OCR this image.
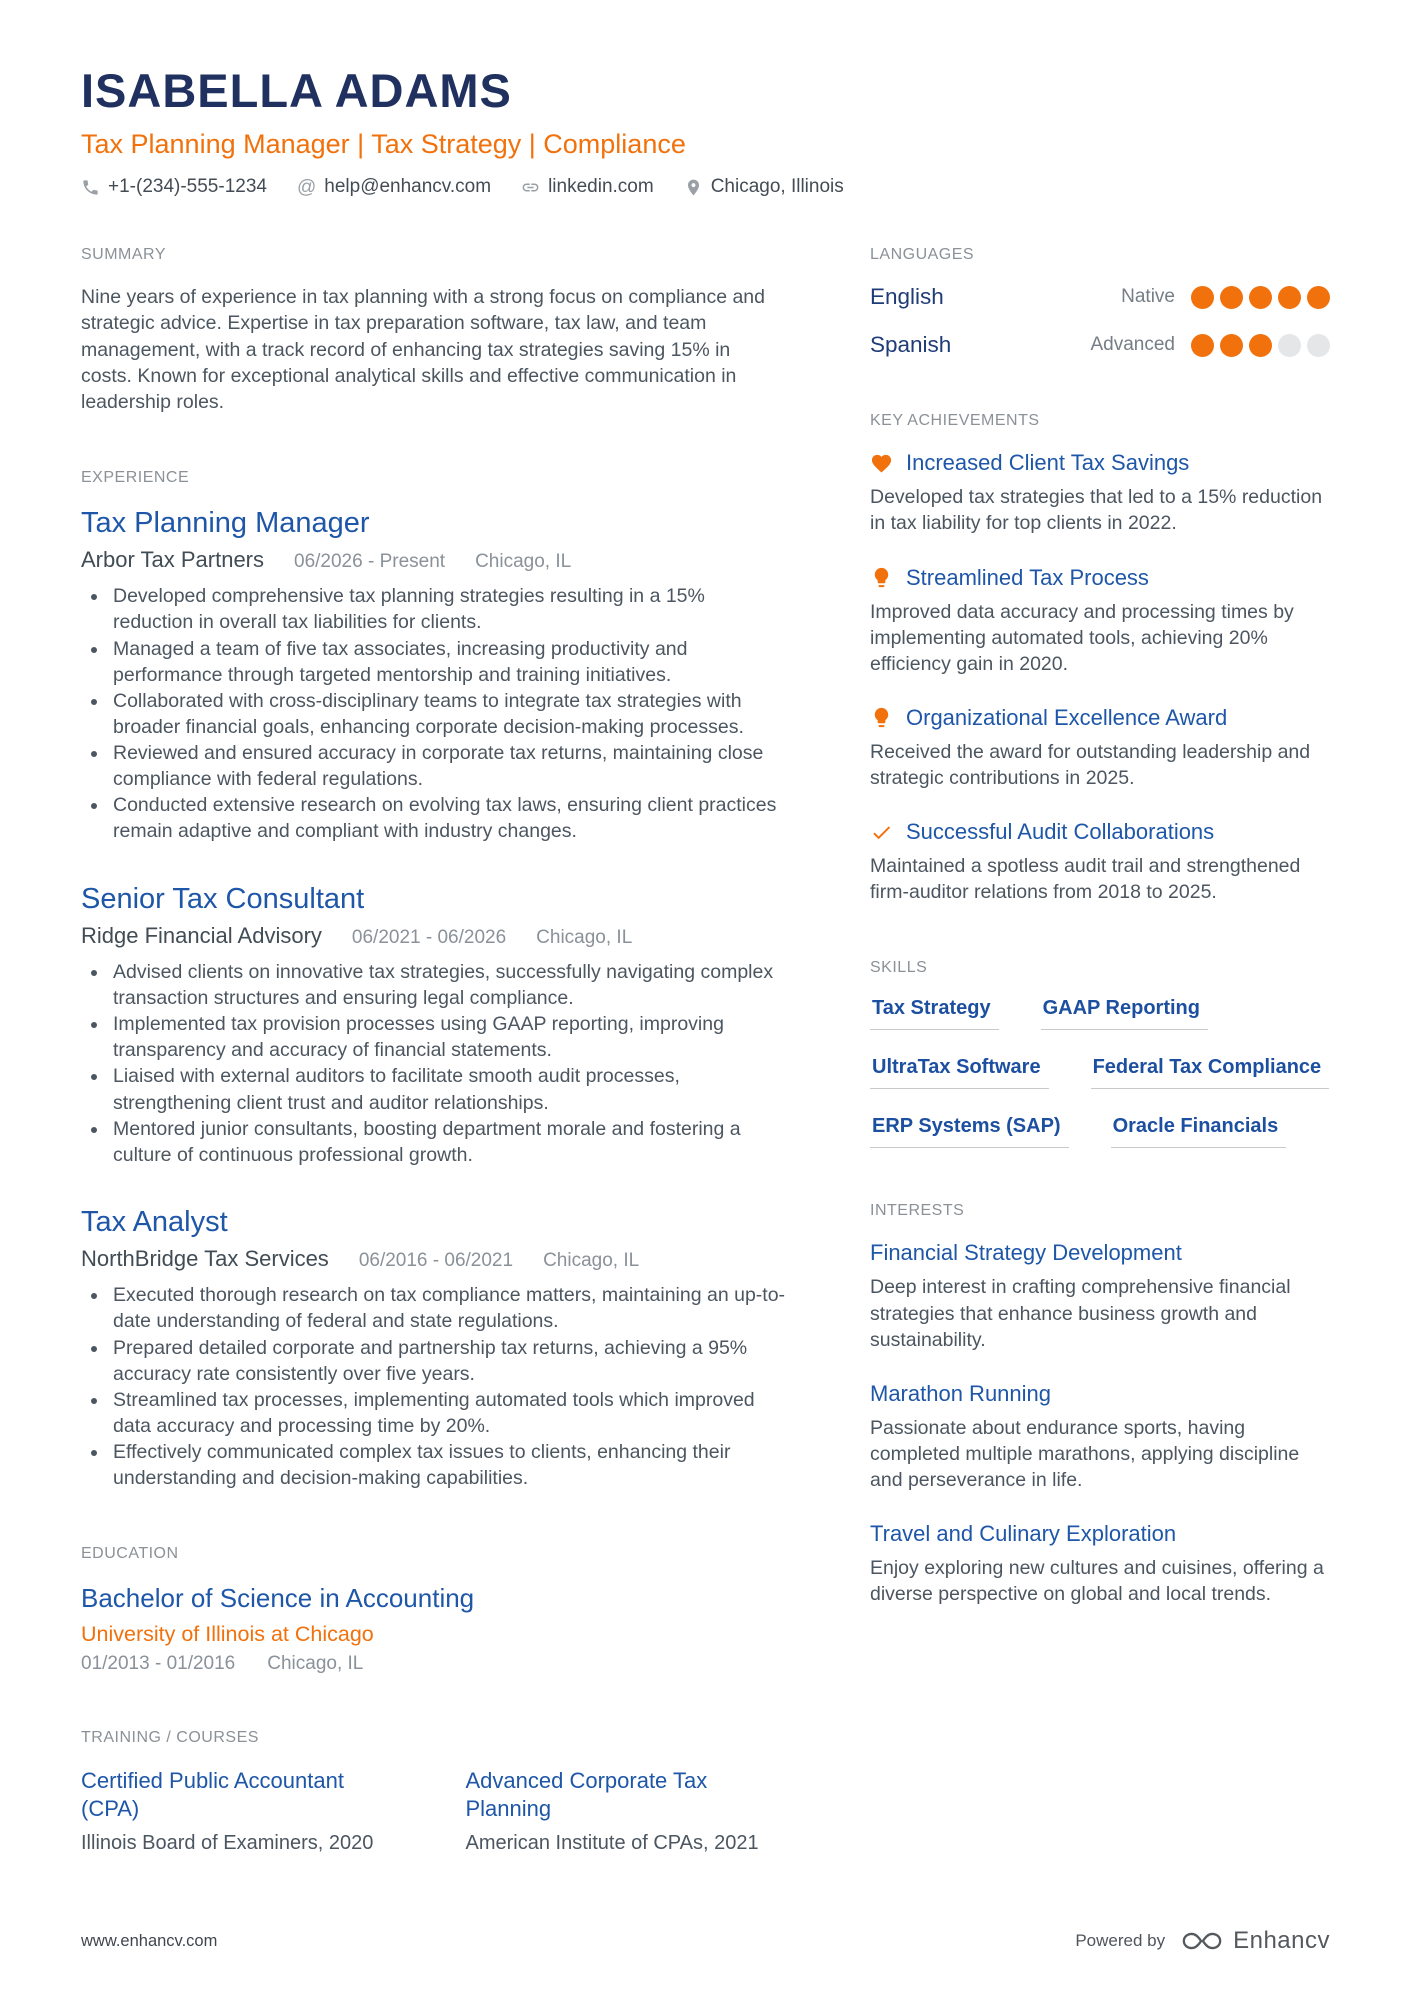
ISABELLA ADAMS
Tax Planning Manager | Tax Strategy | Compliance
+1-(234)-555-1234 @ help@enhancv.com	linkedin.com	Chicago, Illinois
SUMMARY

Nine years of experience in tax planning with a strong focus on compliance and strategic advice. Expertise in tax preparation software, tax law, and team management, with a track record of enhancing tax strategies saving 15% in costs. Known for exceptional analytical skills and effective communication in leadership roles.

EXPERIENCE
Tax Planning Manager
Arbor Tax Partners 06/2026 - Present Chicago, IL
• Developed comprehensive tax planning strategies resulting in a 15% reduction in overall tax liabilities for clients.
• Managed a team of five tax associates, increasing productivity and performance through targeted mentorship and training initiatives.
• Collaborated with cross-disciplinary teams to integrate tax strategies with broader financial goals, enhancing corporate decision-making processes.
• Reviewed and ensured accuracy in corporate tax returns, maintaining close compliance with federal regulations.
• Conducted extensive research on evolving tax laws, ensuring client practices remain adaptive and compliant with industry changes.
Senior Tax Consultant
Ridge Financial Advisory 06/2021 - 06/2026 Chicago, IL
• Advised clients on innovative tax strategies, successfully navigating complex transaction structures and ensuring legal compliance.
• Implemented tax provision processes using GAAP reporting, improving transparency and accuracy of financial statements.
• Liaised with external auditors to facilitate smooth audit processes, strengthening client trust and auditor relationships.
• Mentored junior consultants, boosting department morale and fostering a culture of continuous professional growth.
Tax Analyst
NorthBridge Tax Services 06/2016 - 06/2021 Chicago, IL
• Executed thorough research on tax compliance matters, maintaining an up-to-date understanding of federal and state regulations.
• Prepared detailed corporate and partnership tax returns, achieving a 95% accuracy rate consistently over five years.
• Streamlined tax processes, implementing automated tools which improved data accuracy and processing time by 20%.
• Effectively communicated complex tax issues to clients, enhancing their understanding and decision-making capabilities.
EDUCATION
Bachelor of Science in Accounting
University of Illinois at Chicago
01/2013 - 01/2016 Chicago, IL
TRAINING / COURSES
Certified Public Accountant (CPA)
Illinois Board of Examiners, 2020
Advanced Corporate Tax Planning
American Institute of CPAs, 2021
LANGUAGES
English	Native
Spanish	Advanced
KEY ACHIEVEMENTS
Increased Client Tax Savings
Developed tax strategies that led to a 15% reduction in tax liability for top clients in 2022.
Streamlined Tax Process
Improved data accuracy and processing times by implementing automated tools, achieving 20% efficiency gain in 2020.
Organizational Excellence Award
Received the award for outstanding leadership and strategic contributions in 2025.
Successful Audit Collaborations
Maintained a spotless audit trail and strengthened firm-auditor relations from 2018 to 2025.
SKILLS
Tax Strategy	GAAP Reporting
UltraTax Software	Federal Tax Compliance
ERP Systems (SAP)	Oracle Financials
INTERESTS
Financial Strategy Development
Deep interest in crafting comprehensive financial strategies that enhance business growth and sustainability.
Marathon Running
Passionate about endurance sports, having completed multiple marathons, applying discipline and perseverance in life.
Travel and Culinary Exploration
Enjoy exploring new cultures and cuisines, offering a diverse perspective on global and local trends.
www.enhancv.com	Powered by	Enhancv
